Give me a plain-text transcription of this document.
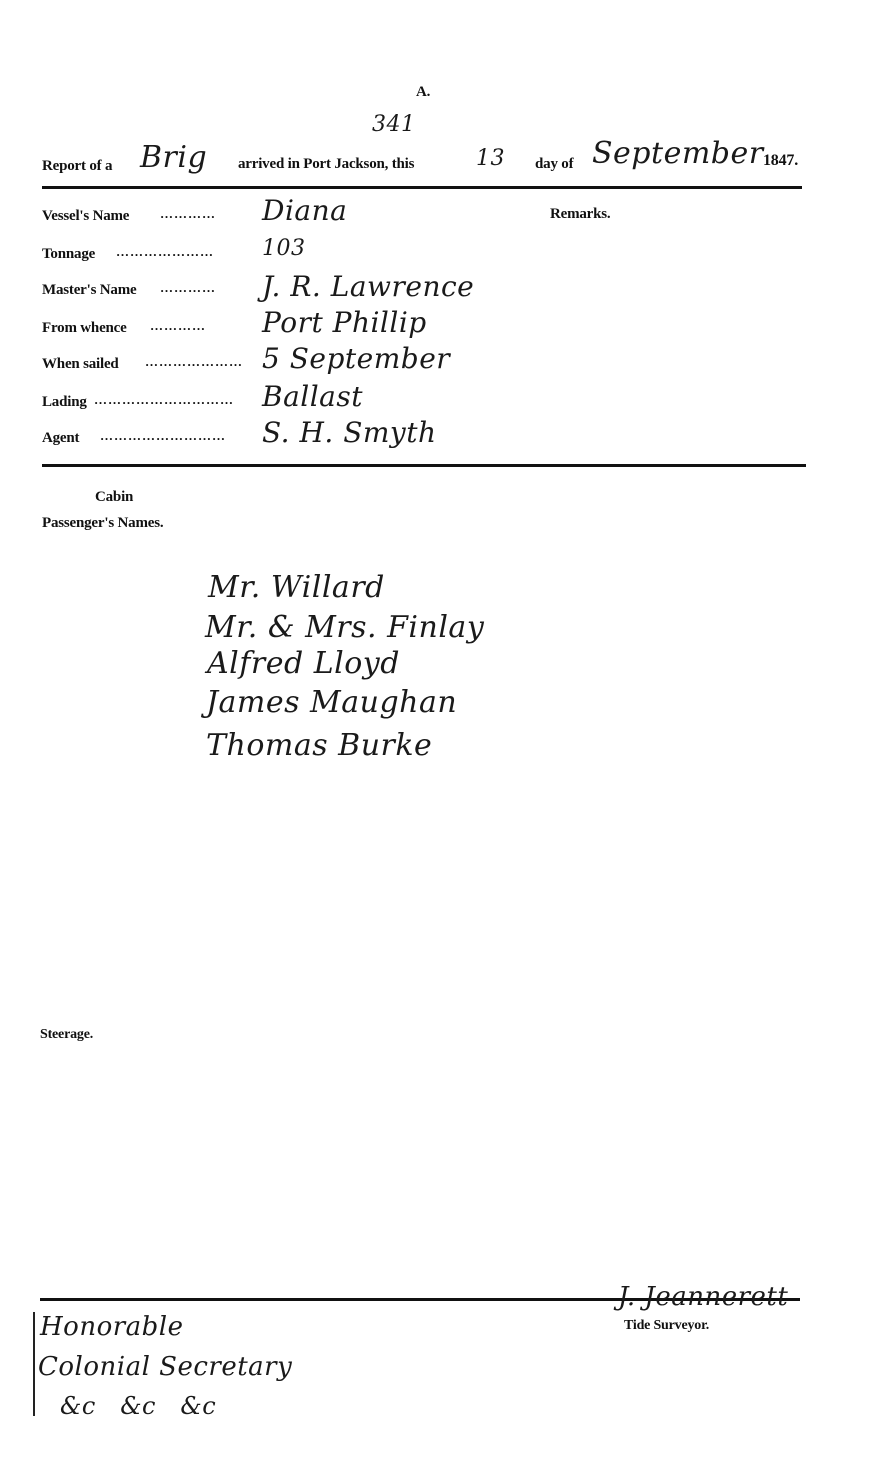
A.
341
Report of a Brig arrived in Port Jackson, this	13 day of September 1847.
Remarks.
Vessel's Name ………… Diana
Tonnage ………………… 103
Master's Name ………… J. R. Lawrence
From whence ………… Port Phillip
When sailed ………………… 5 September
Lading ………………………… Ballast
Agent ……………………… S. H. Smyth
Cabin
Passenger's Names.
Mr. Willard
Mr. & Mrs. Finlay
Alfred Lloyd
James Maughan
Thomas Burke
Steerage.
J. Jeannerett
Tide Surveyor.
Honorable
Colonial Secretary
&c   &c   &c
